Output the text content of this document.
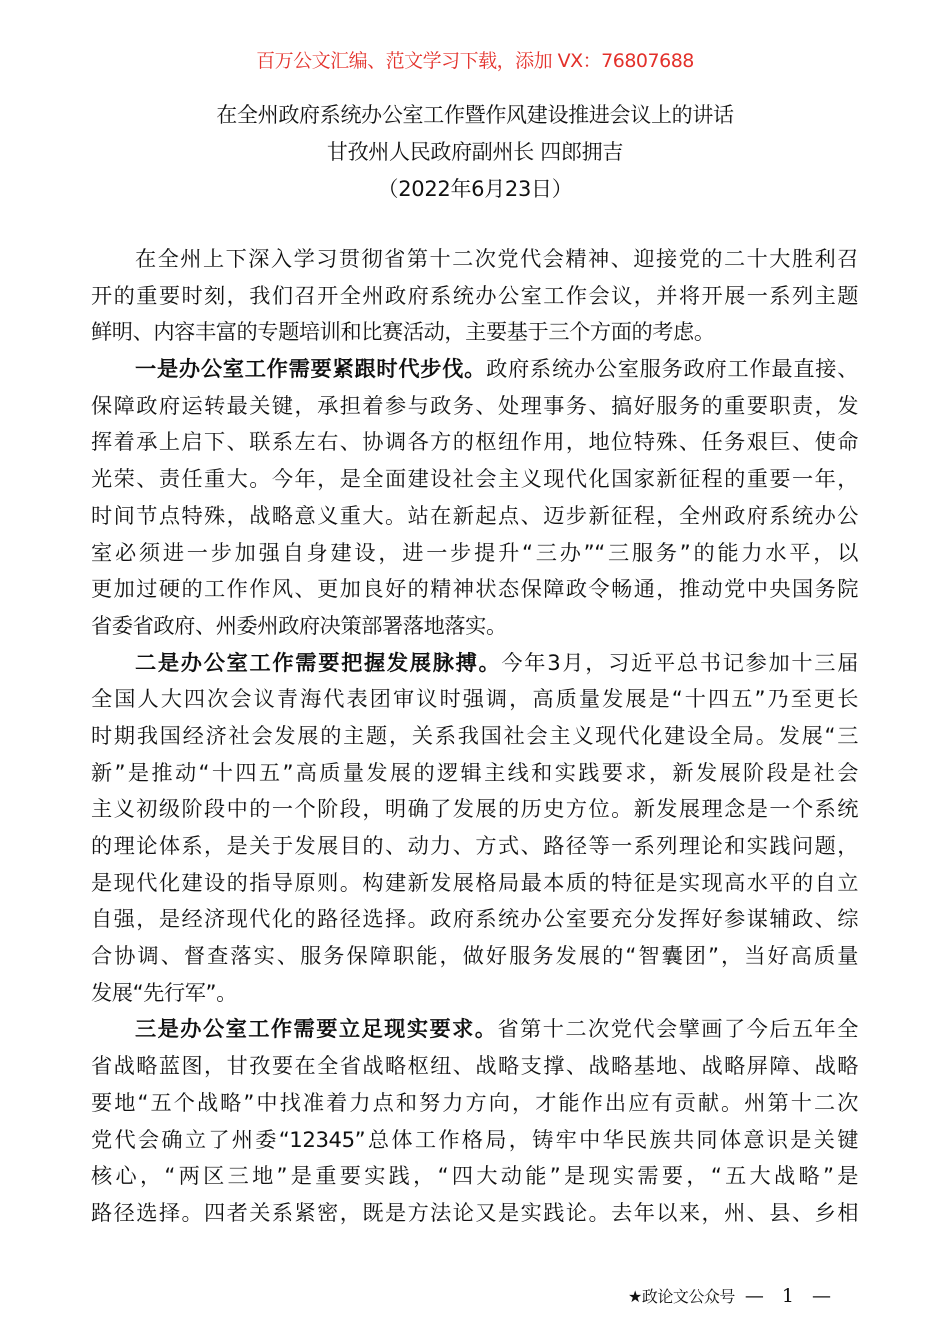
百万公文汇编、范文学习下载，添加 VX：76807688
在全州政府系统办公室工作暨作风建设推进会议上的讲话
甘孜州人民政府副州长 四郎拥吉
（2022年6月23日）
在全州上下深入学习贯彻省第十二次党代会精神、迎接党的二十大胜利召
开的重要时刻，我们召开全州政府系统办公室工作会议，并将开展一系列主题
鲜明、内容丰富的专题培训和比赛活动，主要基于三个方面的考虑。
一是办公室工作需要紧跟时代步伐。政府系统办公室服务政府工作最直接、
保障政府运转最关键，承担着参与政务、处理事务、搞好服务的重要职责，发
挥着承上启下、联系左右、协调各方的枢纽作用，地位特殊、任务艰巨、使命
光荣、责任重大。今年，是全面建设社会主义现代化国家新征程的重要一年，
时间节点特殊，战略意义重大。站在新起点、迈步新征程，全州政府系统办公
室必须进一步加强自身建设，进一步提升“三办”“三服务”的能力水平，以
更加过硬的工作作风、更加良好的精神状态保障政令畅通，推动党中央国务院
省委省政府、州委州政府决策部署落地落实。
二是办公室工作需要把握发展脉搏。今年3月，习近平总书记参加十三届
全国人大四次会议青海代表团审议时强调，高质量发展是“十四五”乃至更长
时期我国经济社会发展的主题，关系我国社会主义现代化建设全局。发展“三
新”是推动“十四五”高质量发展的逻辑主线和实践要求，新发展阶段是社会
主义初级阶段中的一个阶段，明确了发展的历史方位。新发展理念是一个系统
的理论体系，是关于发展目的、动力、方式、路径等一系列理论和实践问题，
是现代化建设的指导原则。构建新发展格局最本质的特征是实现高水平的自立
自强，是经济现代化的路径选择。政府系统办公室要充分发挥好参谋辅政、综
合协调、督查落实、服务保障职能，做好服务发展的“智囊团”，当好高质量
发展“先行军”。
三是办公室工作需要立足现实要求。省第十二次党代会擘画了今后五年全
省战略蓝图，甘孜要在全省战略枢纽、战略支撑、战略基地、战略屏障、战略
要地“五个战略”中找准着力点和努力方向，才能作出应有贡献。州第十二次
党代会确立了州委“12345”总体工作格局，铸牢中华民族共同体意识是关键
核心，“两区三地”是重要实践，“四大动能”是现实需要，“五大战略”是
路径选择。四者关系紧密，既是方法论又是实践论。去年以来，州、县、乡相
★政论文公众号 — 1 —
